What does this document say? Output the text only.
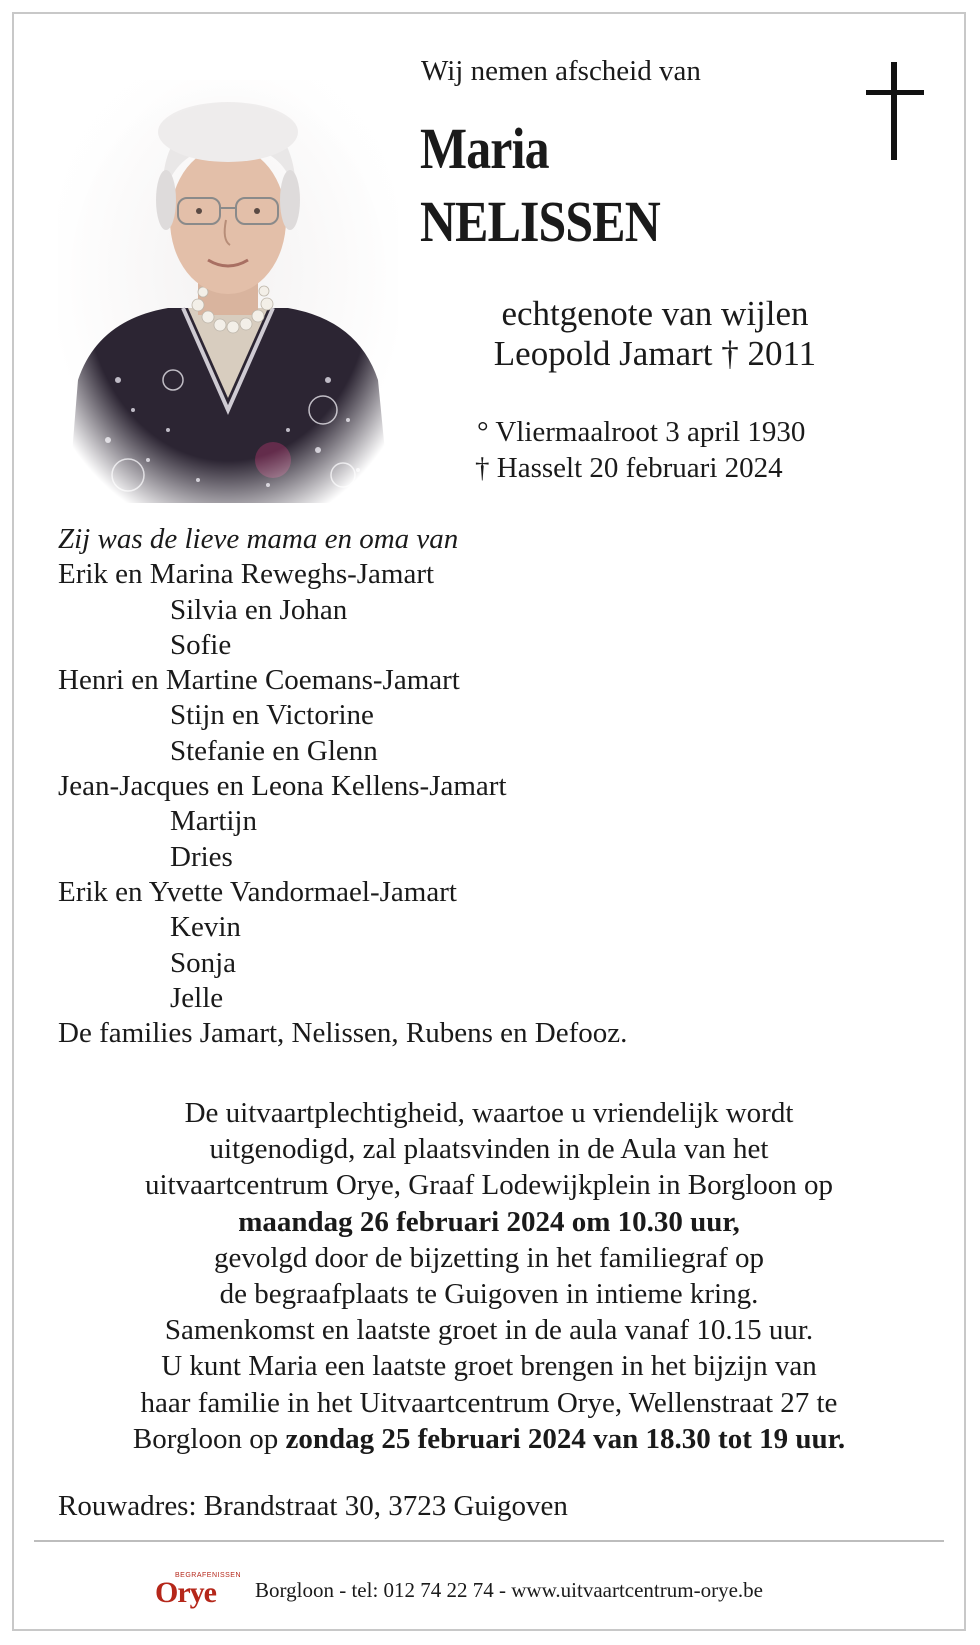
Wij nemen afscheid van
Maria
NELISSEN
echtgenote van wijlen
Leopold Jamart † 2011
° Vliermaalroot 3 april 1930
† Hasselt 20 februari 2024
Zij was de lieve mama en oma van
Erik en Marina Reweghs-Jamart
Silvia en Johan
Sofie
Henri en Martine Coemans-Jamart
Stijn en Victorine
Stefanie en Glenn
Jean-Jacques en Leona Kellens-Jamart
Martijn
Dries
Erik en Yvette Vandormael-Jamart
Kevin
Sonja
Jelle
De families Jamart, Nelissen, Rubens en Defooz.
De uitvaartplechtigheid, waartoe u vriendelijk wordt
uitgenodigd, zal plaatsvinden in de Aula van het
uitvaartcentrum Orye, Graaf Lodewijkplein in Borgloon op
maandag 26 februari 2024 om 10.30 uur,
gevolgd door de bijzetting in het familiegraf op
de begraafplaats te Guigoven in intieme kring.
Samenkomst en laatste groet in de aula vanaf 10.15 uur.
U kunt Maria een laatste groet brengen in het bijzijn van
haar familie in het Uitvaartcentrum Orye, Wellenstraat 27 te
Borgloon op zondag 25 februari 2024 van 18.30 tot 19 uur.
Rouwadres: Brandstraat 30, 3723 Guigoven
Orye
BEGRAFENISSEN
Borgloon - tel: 012 74 22 74 - www.uitvaartcentrum-orye.be
